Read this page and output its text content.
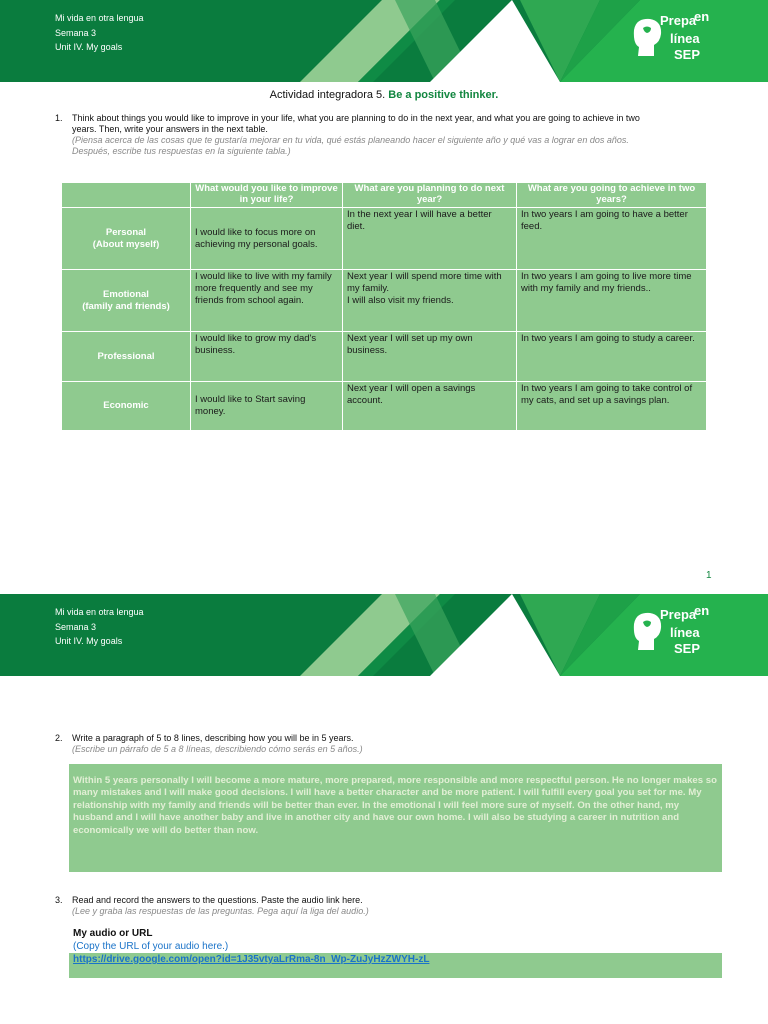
Mi vida en otra lengua
Semana 3
Unit IV. My goals
Prepa
en
línea
SEP
Actividad integradora 5. Be a positive thinker.
1. Think about things you would like to improve in your life, what you are planning to do in the next year, and what you are going to achieve in two
years. Then, write your answers in the next table.
(Piensa acerca de las cosas que te gustaría mejorar en tu vida, qué estás planeando hacer el siguiente año y qué vas a lograr en dos años.
Después, escribe tus respuestas en la siguiente tabla.)
	What would you like to improve in your life?	What are you planning to do next year?	What are you going to achieve in two years?
Personal
(About myself)	I would like to focus more on achieving my personal goals.	In the next year I will have a better diet.	In two years I am going to have a better feed.
Emotional
(family and friends)	I would like to live with my family more frequently and see my friends from school again.	Next year I will spend more time with my family.
I will also visit my friends.	In two years I am going to live more time with my family and my friends..
Professional	I would like to grow my dad's business.	Next year I will set up my own business.	In two years I am going to study a career.
Economic	I would like to Start saving money.	Next year I will open a savings account.	In two years I am going to take control of my cats, and set up a savings plan.
1
Mi vida en otra lengua
Semana 3
Unit IV. My goals
Prepa
en
línea
SEP
2. Write a paragraph of 5 to 8 lines, describing how you will be in 5 years.
(Escribe un párrafo de 5 a 8 líneas, describiendo cómo serás en 5 años.)

Within 5 years personally I will become a more mature, more prepared, more responsible and more respectful person. He no longer makes so many mistakes and I will make good decisions. I will have a better character and be more patient. I will fulfill every goal you set for me. My relationship with my family and friends will be better than ever. In the emotional I will feel more sure of myself. On the other hand, my husband and I will have another baby and live in another city and have our own home. I will also be studying a career in nutrition and economically we will do better than now.

3. Read and record the answers to the questions. Paste the audio link here.
(Lee y graba las respuestas de las preguntas. Pega aquí la liga del audio.)
My audio or URL
(Copy the URL of your audio here.)
https://drive.google.com/open?id=1J35vtyaLrRma-8n_Wp-ZuJyHzZWYH-zL
